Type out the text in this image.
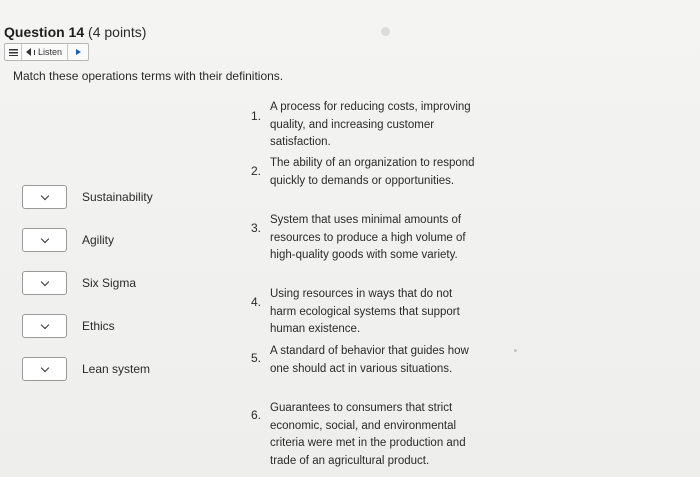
Question 14 (4 points)
Listen
Match these operations terms with their definitions.
Sustainability
Agility
Six Sigma
Ethics
Lean system
1.
A process for reducing costs, improving quality, and increasing customer satisfaction.
2.
The ability of an organization to respond quickly to demands or opportunities.
3.
System that uses minimal amounts of resources to produce a high volume of high-quality goods with some variety.
4.
Using resources in ways that do not harm ecological systems that support human existence.
5. A standard of behavior that guides how one should act in various situations.
6. Guarantees to consumers that strict economic, social, and environmental criteria were met in the production and trade of an agricultural product.
